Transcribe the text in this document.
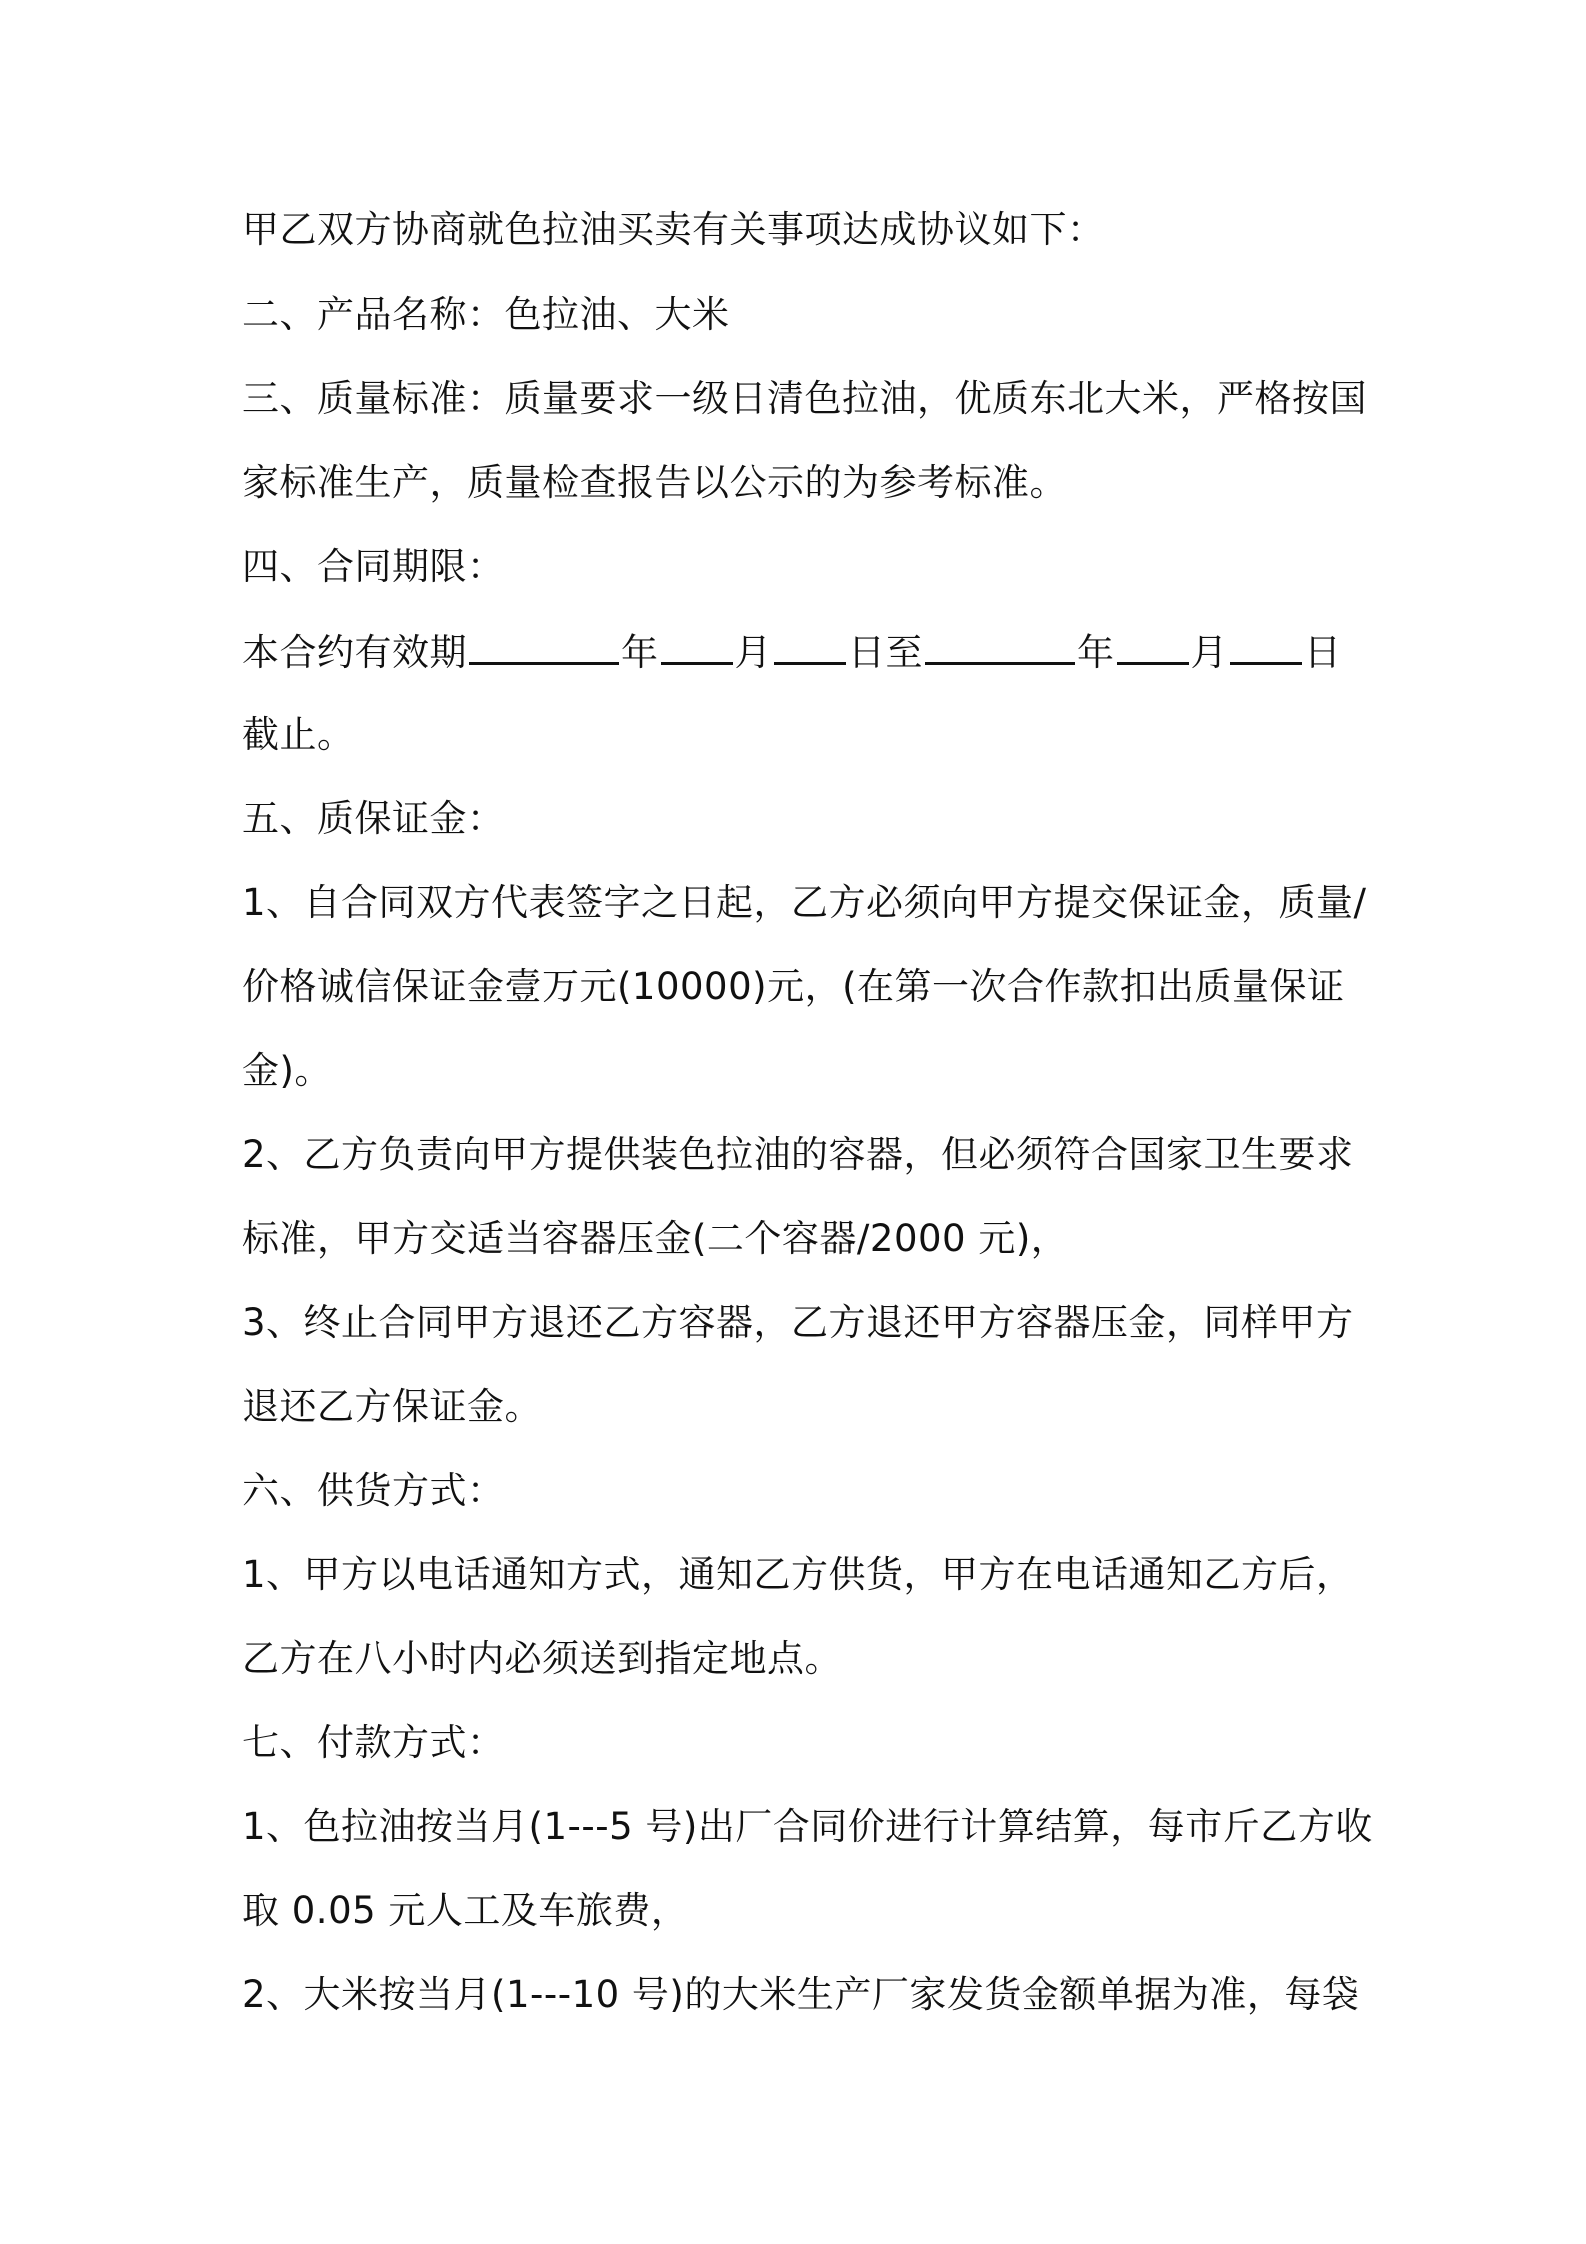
甲乙双方协商就色拉油买卖有关事项达成协议如下：

二、产品名称：色拉油、大米

三、质量标准：质量要求一级日清色拉油，优质东北大米，严格按国

家标准生产，质量检查报告以公示的为参考标准。

四、合同期限：

本合约有效期	年 月 日至	年 月 日

截止。

五、质保证金：

1、自合同双方代表签字之日起，乙方必须向甲方提交保证金，质量/

价格诚信保证金壹万元(10000)元，(在第一次合作款扣出质量保证

金)。

2、乙方负责向甲方提供装色拉油的容器，但必须符合国家卫生要求

标准，甲方交适当容器压金(二个容器/2000 元)，

3、终止合同甲方退还乙方容器，乙方退还甲方容器压金，同样甲方

退还乙方保证金。

六、供货方式：

1、甲方以电话通知方式，通知乙方供货，甲方在电话通知乙方后，

乙方在八小时内必须送到指定地点。

七、付款方式：

1、色拉油按当月(1---5 号)出厂合同价进行计算结算，每市斤乙方收

取 0.05 元人工及车旅费，

2、大米按当月(1---10 号)的大米生产厂家发货金额单据为准，每袋
